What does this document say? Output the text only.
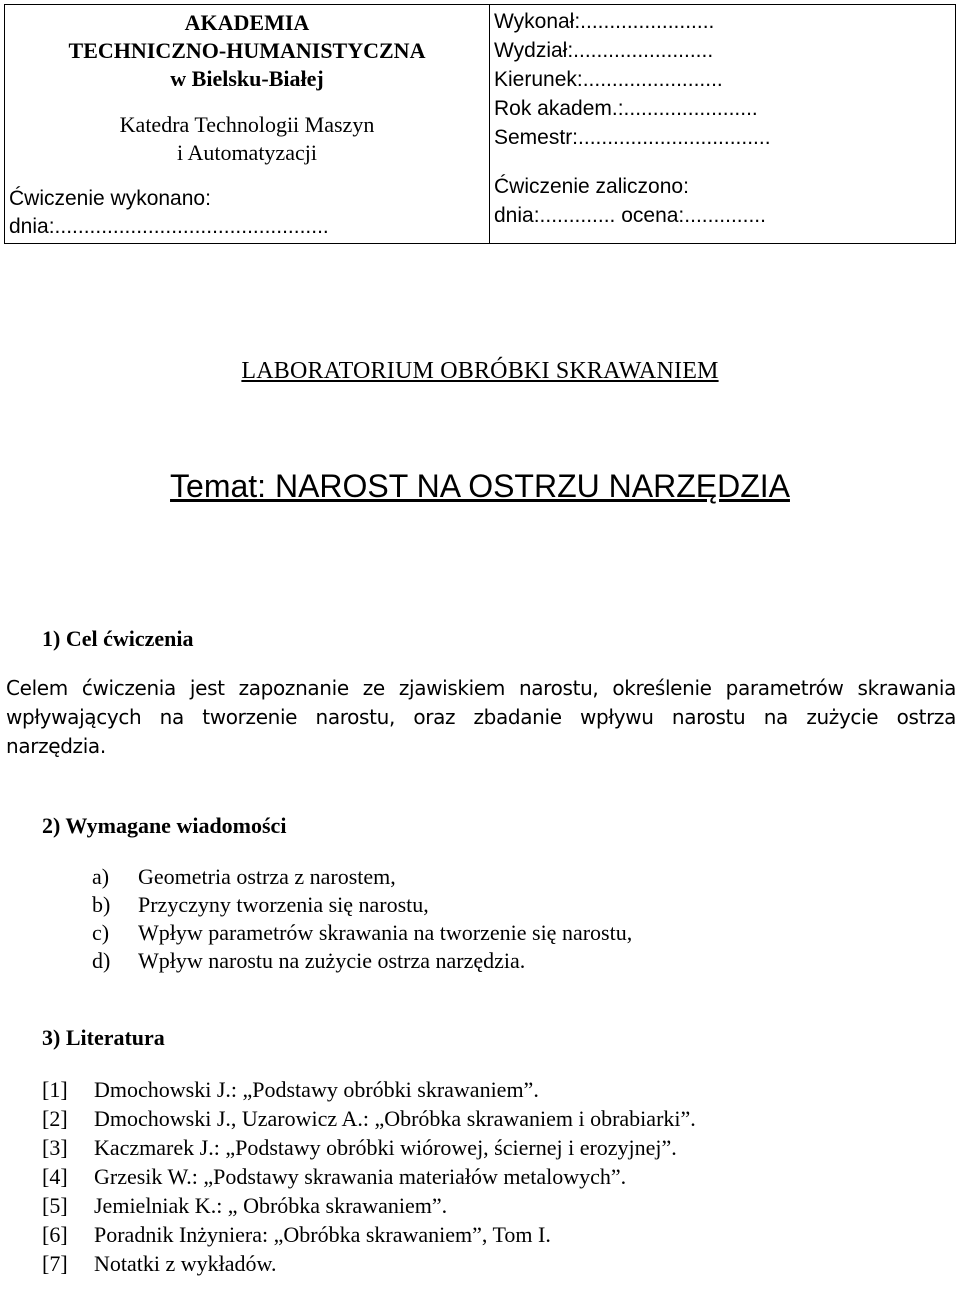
AKADEMIA
TECHNICZNO-HUMANISTYCZNA
w Bielsku-Białej
Katedra Technologii Maszyn
i Automatyzacji
Ćwiczenie wykonano:
dnia:...............................................

Wykonał:.......................
Wydział:........................
Kierunek:........................
Rok akadem.:.......................
Semestr:.................................
Ćwiczenie zaliczono:
dnia:............. ocena:..............
LABORATORIUM OBRÓBKI SKRAWANIEM
Temat: NAROST NA OSTRZU NARZĘDZIA
1) Cel ćwiczenia
Celem ćwiczenia jest zapoznanie ze zjawiskiem narostu, określenie parametrów skrawania wpływających na tworzenie narostu, oraz zbadanie wpływu narostu na zużycie ostrza narzędzia.
2) Wymagane wiadomości
a) Geometria ostrza z narostem,
b) Przyczyny tworzenia się narostu,
c) Wpływ parametrów skrawania na tworzenie się narostu,
d) Wpływ narostu na zużycie ostrza narzędzia.
3) Literatura
[1] Dmochowski J.: „Podstawy obróbki skrawaniem”.
[2] Dmochowski J., Uzarowicz A.: „Obróbka skrawaniem i obrabiarki”.
[3] Kaczmarek J.: „Podstawy obróbki wiórowej, ściernej i erozyjnej”.
[4] Grzesik W.: „Podstawy skrawania materiałów metalowych”.
[5] Jemielniak K.: „ Obróbka skrawaniem”.
[6] Poradnik Inżyniera: „Obróbka skrawaniem”, Tom I.
[7] Notatki z wykładów.
